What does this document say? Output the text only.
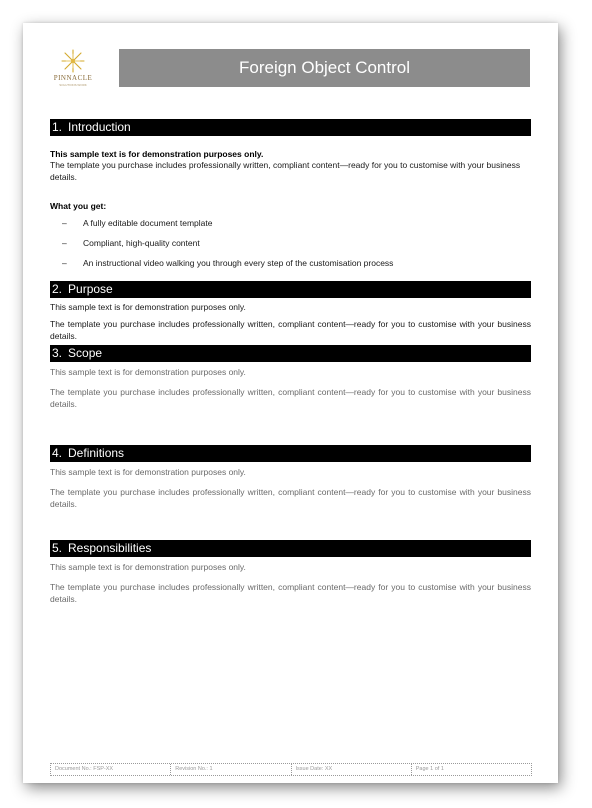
PINNACLE
SOLUTIONS WORK
Foreign Object Control
1. Introduction

This sample text is for demonstration purposes only.

The template you purchase includes professionally written, compliant content—ready for you to customise with your business details.

What you get:

– A fully editable document template
– Compliant, high-quality content
– An instructional video walking you through every step of the customisation process
2. Purpose

This sample text is for demonstration purposes only.

The template you purchase includes professionally written, compliant content—ready for you to customise with your business details.

3. Scope

This sample text is for demonstration purposes only.

The template you purchase includes professionally written, compliant content—ready for you to customise with your business details.

4. Definitions

This sample text is for demonstration purposes only.

The template you purchase includes professionally written, compliant content—ready for you to customise with your business details.

5. Responsibilities

This sample text is for demonstration purposes only.

The template you purchase includes professionally written, compliant content—ready for you to customise with your business details.

Document No.: FSP-XX	Revision No.: 1	Issue Date: XX	Page 1 of 1
